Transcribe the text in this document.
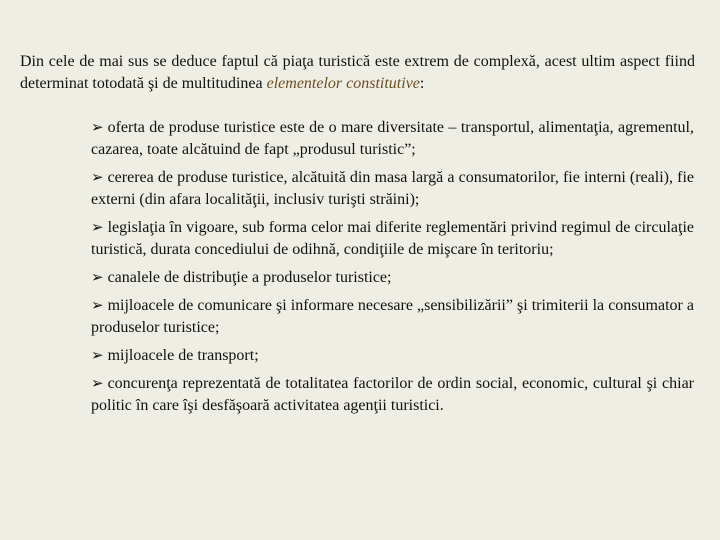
Din cele de mai sus se deduce faptul că piaţa turistică este extrem de complexă, acest ultim aspect fiind determinat totodată şi de multitudinea elementelor constitutive:

➢ oferta de produse turistice este de o mare diversitate – transportul, alimentaţia, agrementul, cazarea, toate alcătuind de fapt „produsul turistic”;
➢ cererea de produse turistice, alcătuită din masa largă a consumatorilor, fie interni (reali), fie externi (din afara localităţii, inclusiv turişti străini);
➢ legislaţia în vigoare, sub forma celor mai diferite reglementări privind regimul de circulaţie turistică, durata concediului de odihnă, condiţiile de mişcare în teritoriu;
➢ canalele de distribuţie a produselor turistice;
➢ mijloacele de comunicare şi informare necesare „sensibilizării” şi trimiterii la consumator a produselor turistice;
➢ mijloacele de transport;
➢ concurenţa reprezentată de totalitatea factorilor de ordin social, economic, cultural şi chiar politic în care îşi desfăşoară activitatea agenţii turistici.
